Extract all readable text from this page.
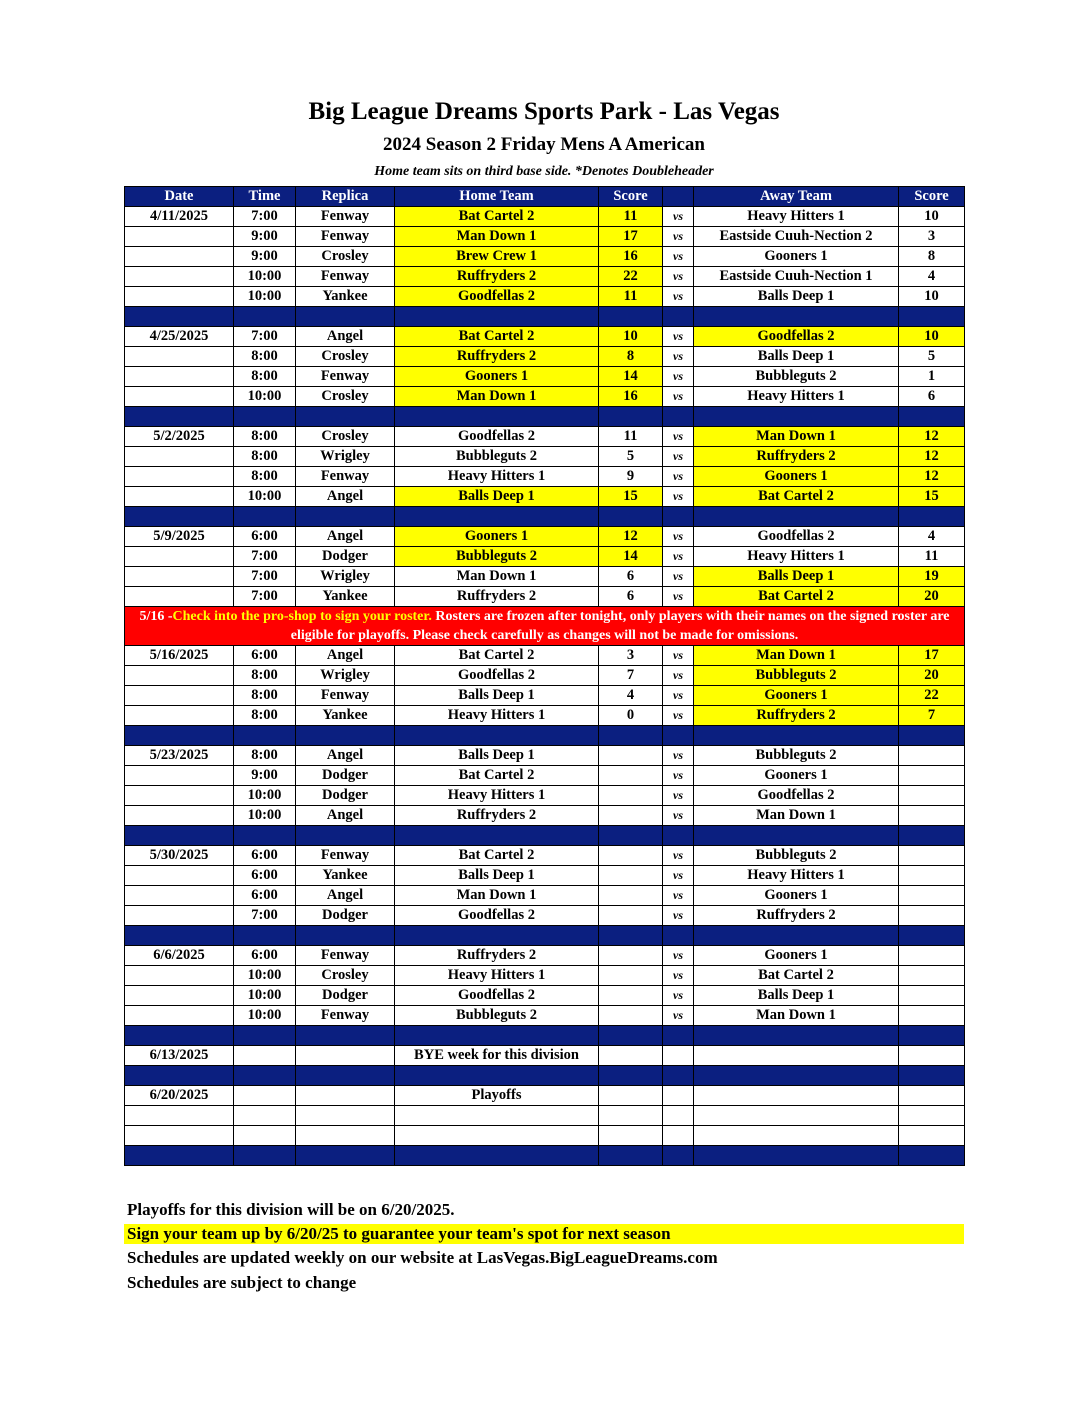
Big League Dreams Sports Park - Las Vegas
2024 Season 2 Friday Mens A American
Home team sits on third base side. *Denotes Doubleheader
Date	Time	Replica	Home Team	Score		Away Team	Score
4/11/2025	7:00	Fenway	Bat Cartel 2	11	vs	Heavy Hitters 1	10
	9:00	Fenway	Man Down 1	17	vs	Eastside Cuuh-Nection 2	3
	9:00	Crosley	Brew Crew 1	16	vs	Gooners 1	8
	10:00	Fenway	Ruffryders 2	22	vs	Eastside Cuuh-Nection 1	4
	10:00	Yankee	Goodfellas 2	11	vs	Balls Deep 1	10

4/25/2025	7:00	Angel	Bat Cartel 2	10	vs	Goodfellas 2	10
	8:00	Crosley	Ruffryders 2	8	vs	Balls Deep 1	5
	8:00	Fenway	Gooners 1	14	vs	Bubbleguts 2	1
	10:00	Crosley	Man Down 1	16	vs	Heavy Hitters 1	6

5/2/2025	8:00	Crosley	Goodfellas 2	11	vs	Man Down 1	12
	8:00	Wrigley	Bubbleguts 2	5	vs	Ruffryders 2	12
	8:00	Fenway	Heavy Hitters 1	9	vs	Gooners 1	12
	10:00	Angel	Balls Deep 1	15	vs	Bat Cartel 2	15

5/9/2025	6:00	Angel	Gooners 1	12	vs	Goodfellas 2	4
	7:00	Dodger	Bubbleguts 2	14	vs	Heavy Hitters 1	11
	7:00	Wrigley	Man Down 1	6	vs	Balls Deep 1	19
	7:00	Yankee	Ruffryders 2	6	vs	Bat Cartel 2	20
5/16 -Check into the pro-shop to sign your roster. Rosters are frozen after tonight, only players with their names on the signed roster are eligible for playoffs. Please check carefully as changes will not be made for omissions.							
5/16/2025	6:00	Angel	Bat Cartel 2	3	vs	Man Down 1	17
	8:00	Wrigley	Goodfellas 2	7	vs	Bubbleguts 2	20
	8:00	Fenway	Balls Deep 1	4	vs	Gooners 1	22
	8:00	Yankee	Heavy Hitters 1	0	vs	Ruffryders 2	7

5/23/2025	8:00	Angel	Balls Deep 1		vs	Bubbleguts 2	
	9:00	Dodger	Bat Cartel 2		vs	Gooners 1	
	10:00	Dodger	Heavy Hitters 1		vs	Goodfellas 2	
	10:00	Angel	Ruffryders 2		vs	Man Down 1	

5/30/2025	6:00	Fenway	Bat Cartel 2		vs	Bubbleguts 2	
	6:00	Yankee	Balls Deep 1		vs	Heavy Hitters 1	
	6:00	Angel	Man Down 1		vs	Gooners 1	
	7:00	Dodger	Goodfellas 2		vs	Ruffryders 2	

6/6/2025	6:00	Fenway	Ruffryders 2		vs	Gooners 1	
	10:00	Crosley	Heavy Hitters 1		vs	Bat Cartel 2	
	10:00	Dodger	Goodfellas 2		vs	Balls Deep 1	
	10:00	Fenway	Bubbleguts 2		vs	Man Down 1	

6/13/2025			BYE week for this division				

6/20/2025			Playoffs				

Playoffs for this division will be on 6/20/2025.
Sign your team up by 6/20/25 to guarantee your team's spot for next season
Schedules are updated weekly on our website at LasVegas.BigLeagueDreams.com
Schedules are subject to change
